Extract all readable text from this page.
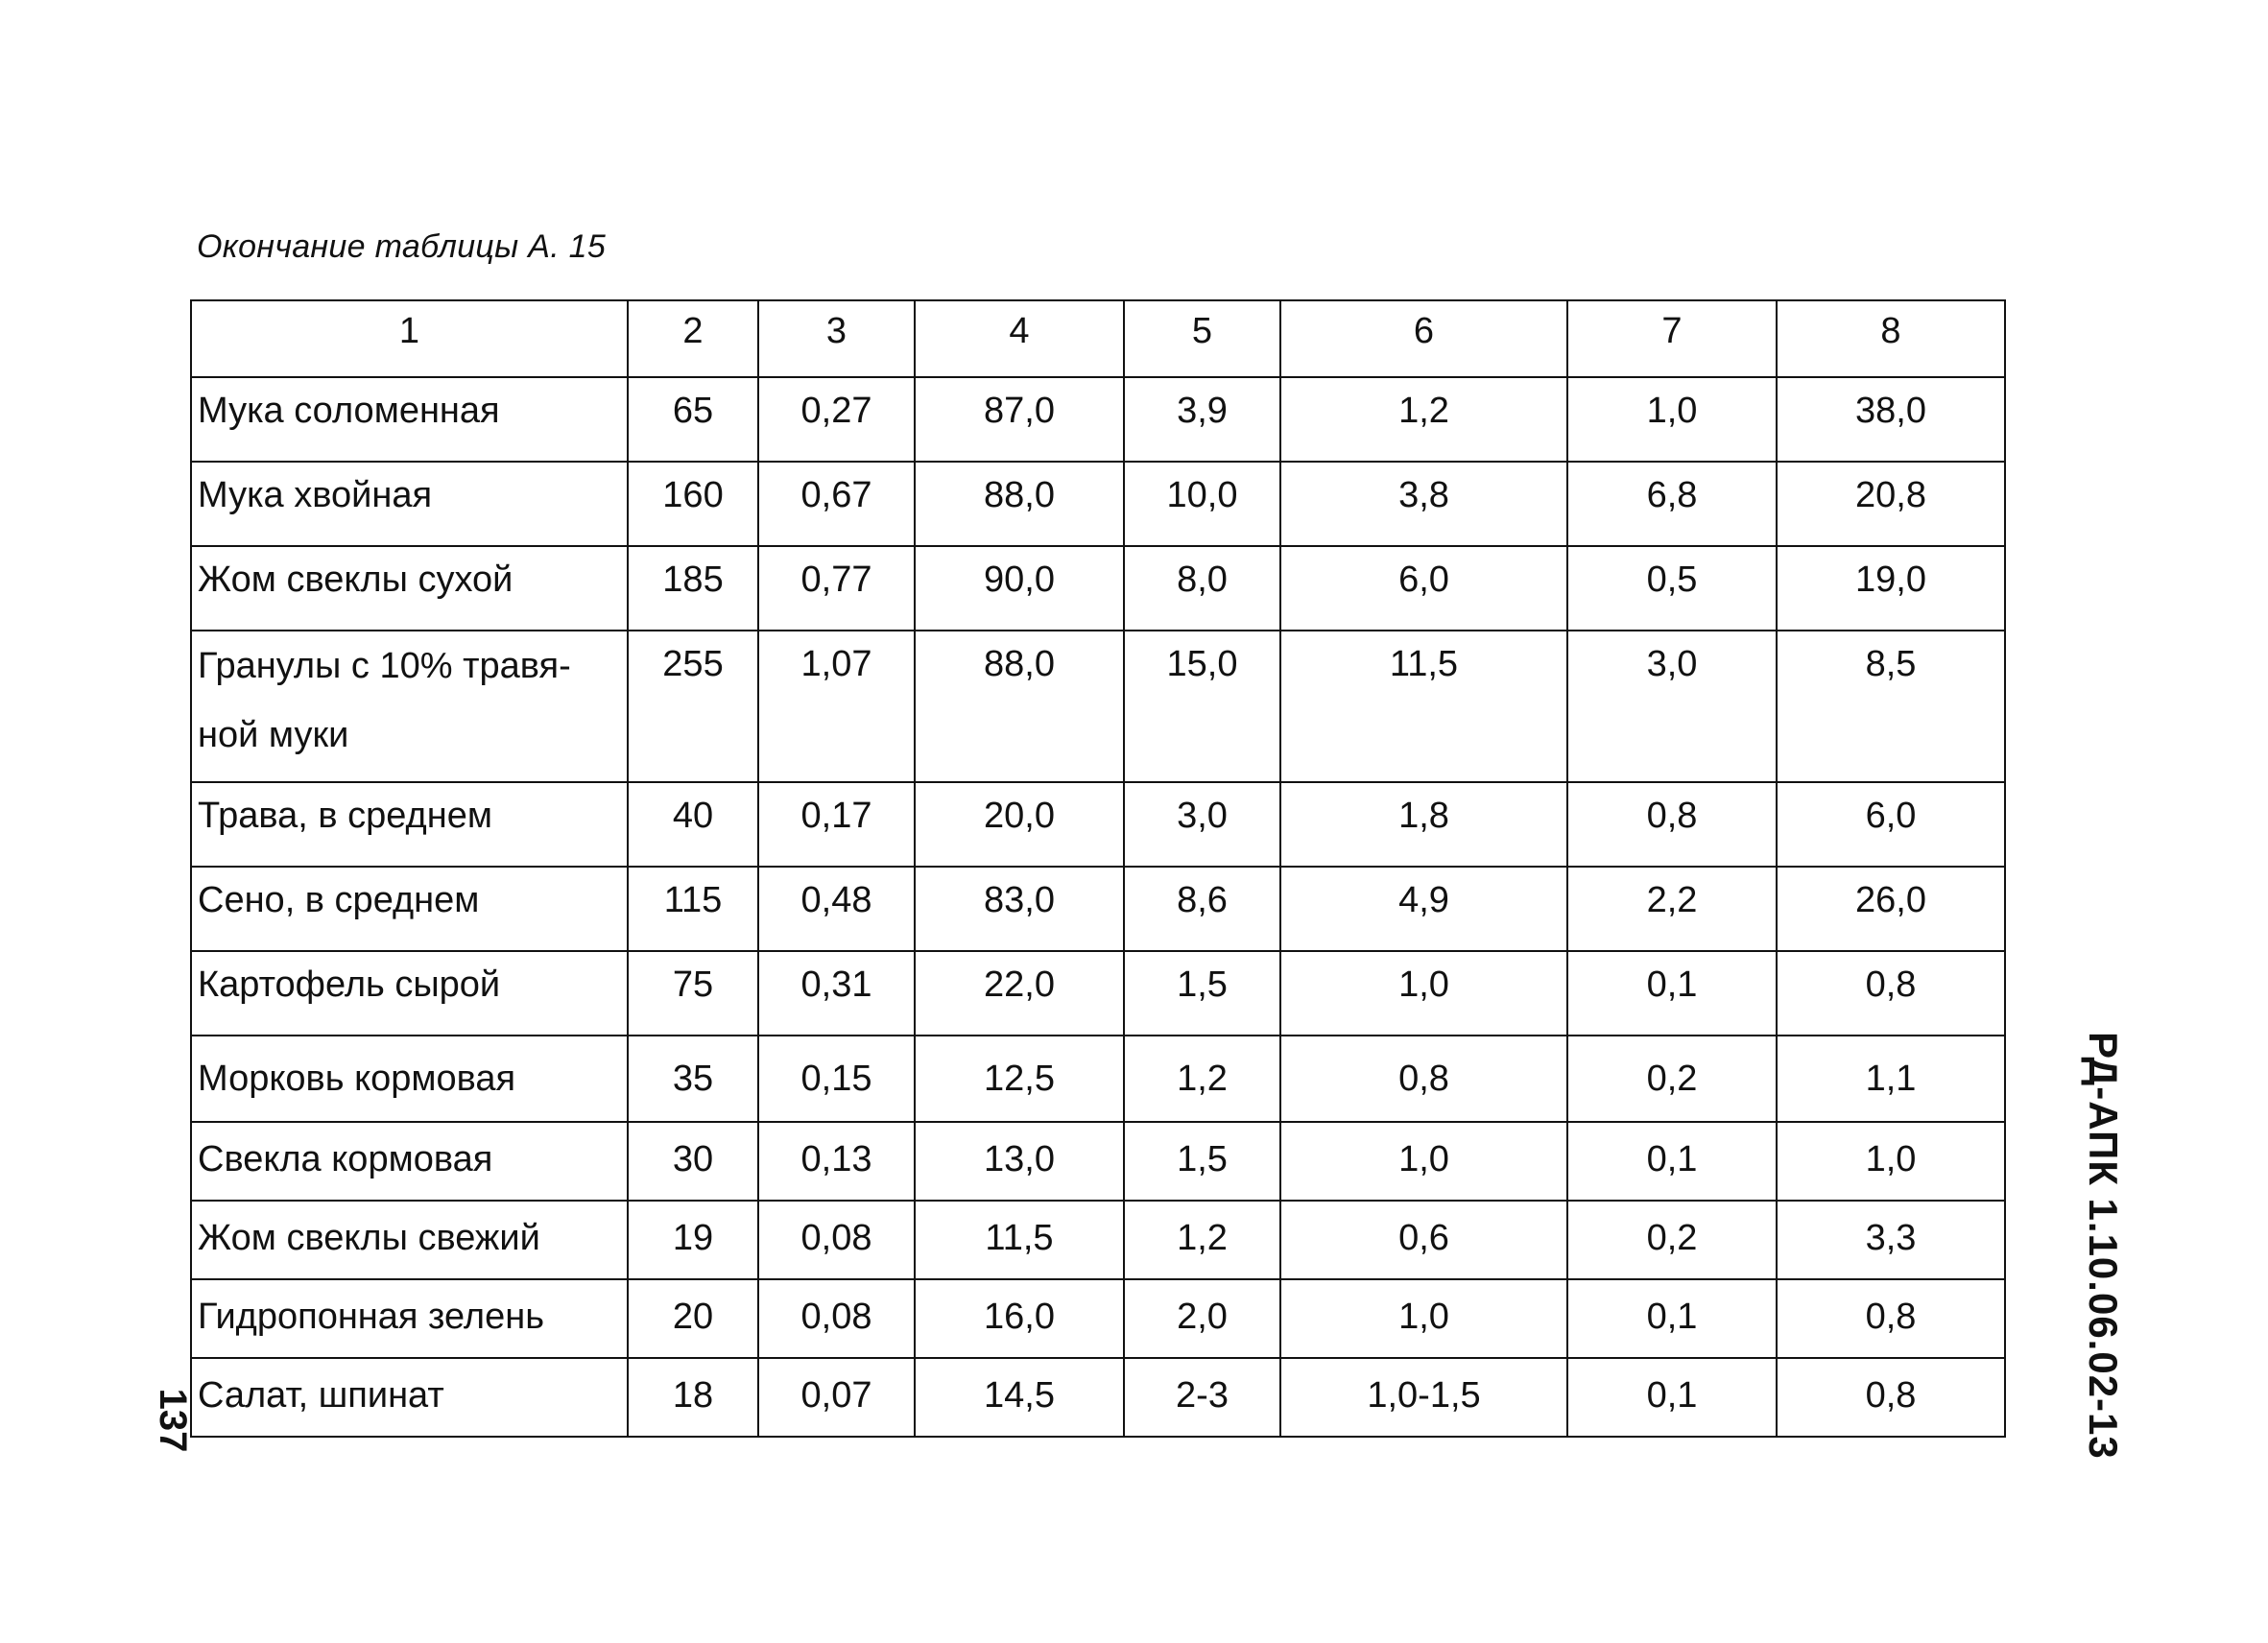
Окончание таблицы А. 15
1	2	3	4	5	6	7	8
Мука соломенная	65	0,27	87,0	3,9	1,2	1,0	38,0
Мука хвойная	160	0,67	88,0	10,0	3,8	6,8	20,8
Жом свеклы сухой	185	0,77	90,0	8,0	6,0	0,5	19,0
Гранулы с 10% травя-ной муки	255	1,07	88,0	15,0	11,5	3,0	8,5
Трава, в среднем	40	0,17	20,0	3,0	1,8	0,8	6,0
Сено, в среднем	115	0,48	83,0	8,6	4,9	2,2	26,0
Картофель сырой	75	0,31	22,0	1,5	1,0	0,1	0,8
Морковь кормовая	35	0,15	12,5	1,2	0,8	0,2	1,1
Свекла кормовая	30	0,13	13,0	1,5	1,0	0,1	1,0
Жом свеклы свежий	19	0,08	11,5	1,2	0,6	0,2	3,3
Гидропонная зелень	20	0,08	16,0	2,0	1,0	0,1	0,8
Салат, шпинат	18	0,07	14,5	2-3	1,0-1,5	0,1	0,8
137	РД-АПК 1.10.06.02-13
